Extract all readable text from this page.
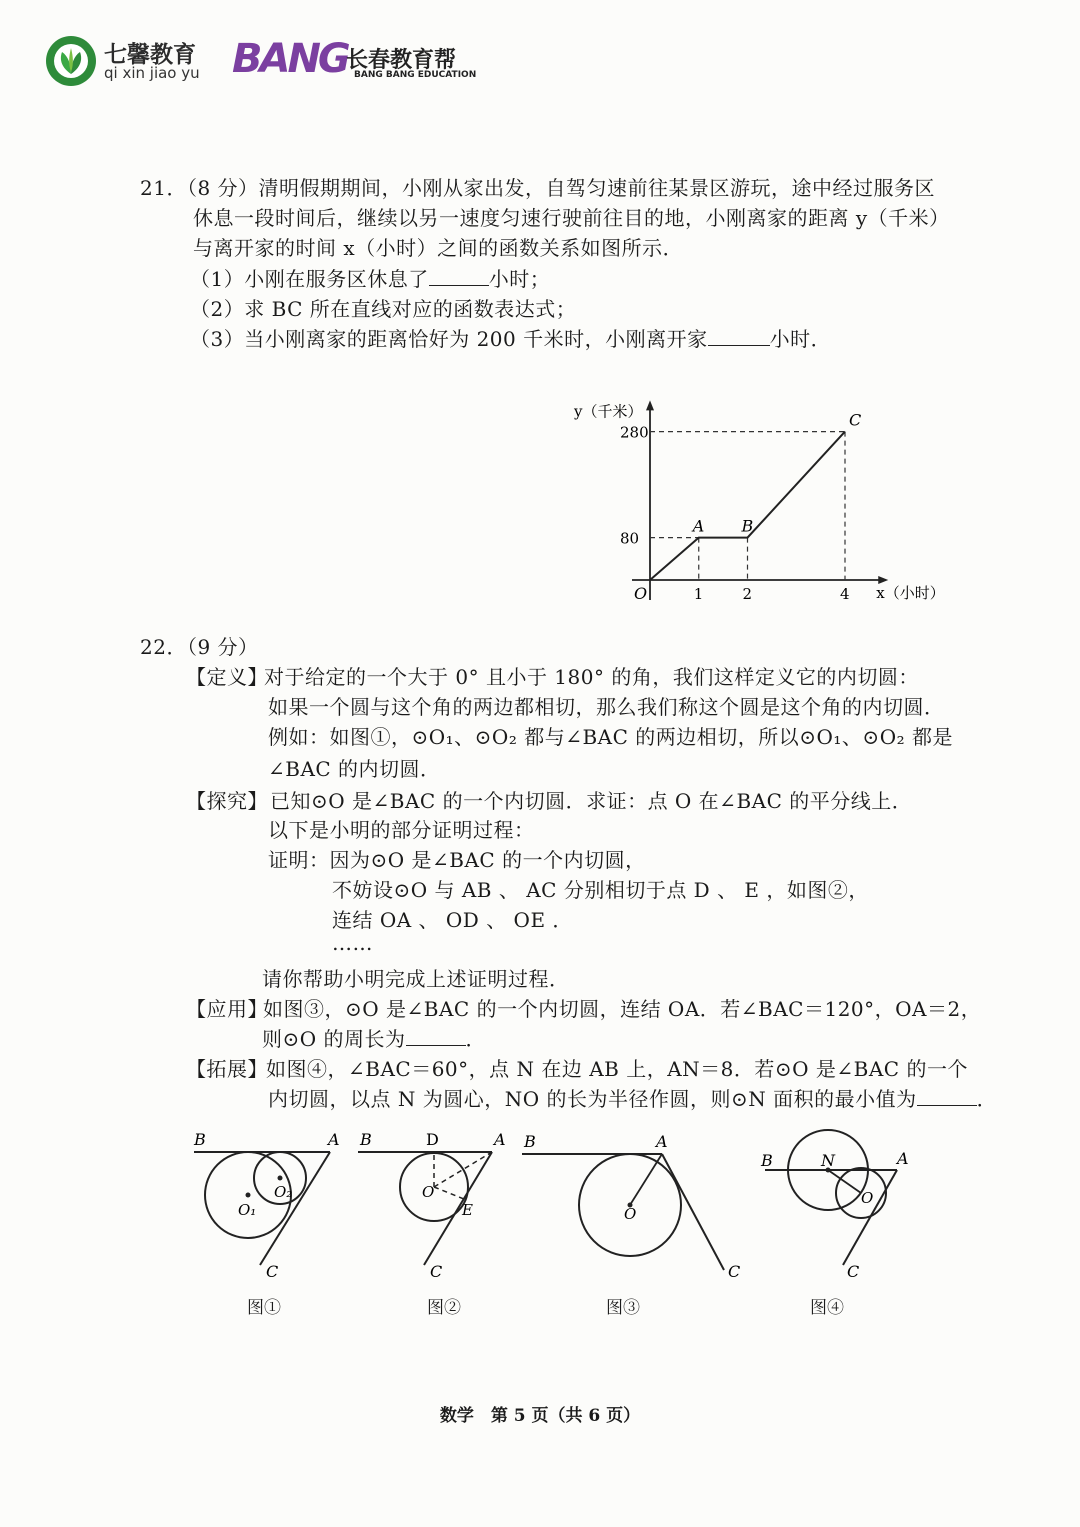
七馨教育
qi xin jiao yu BANG
长春教育帮
BANG BANG EDUCATION
21．（8 分）清明假期期间，小刚从家出发，自驾匀速前往某景区游玩，途中经过服务区
休息一段时间后，继续以另一速度匀速行驶前往目的地，小刚离家的距离 y（千米）
与离开家的时间 x（小时）之间的函数关系如图所示．
（1）小刚在服务区休息了	小时；
（2）求 BC 所在直线对应的函数表达式；
（3）当小刚离家的距离恰好为 200 千米时，小刚离开家	小时．
y（千米）
x（小时）
O
80
280
1	2	4
A B
C
22．（9 分）
【定义】
对于给定的一个大于 0° 且小于 180° 的角，我们这样定义它的内切圆：
如果一个圆与这个角的两边都相切，那么我们称这个圆是这个角的内切圆．
例如：如图①，⊙O₁、⊙O₂ 都与∠BAC 的两边相切，所以⊙O₁、⊙O₂ 都是
∠BAC 的内切圆．
【探究】 已知⊙O 是∠BAC 的一个内切圆．求证：点 O 在∠BAC 的平分线上．
以下是小明的部分证明过程：
证明：因为⊙O 是∠BAC 的一个内切圆，
不妨设⊙O 与 AB 、 AC 分别相切于点 D 、 E ，如图②，
连结 OA 、 OD 、 OE ．
……
请你帮助小明完成上述证明过程．
【应用】
如图③，⊙O 是∠BAC 的一个内切圆，连结 OA．若∠BAC＝120°，OA＝2，
则⊙O 的周长为	．
【拓展】
如图④，∠BAC＝60°，点 N 在边 AB 上，AN＝8．若⊙O 是∠BAC 的一个
内切圆，以点 N 为圆心，NO 的长为半径作圆，则⊙N 面积的最小值为	．
B	A
C
O₁
O₂
图①
B	D	A
O
E
C
图②
B	A
O
C
图③
B	N	A
O
C
图④
数学　第 5 页（共 6 页）
